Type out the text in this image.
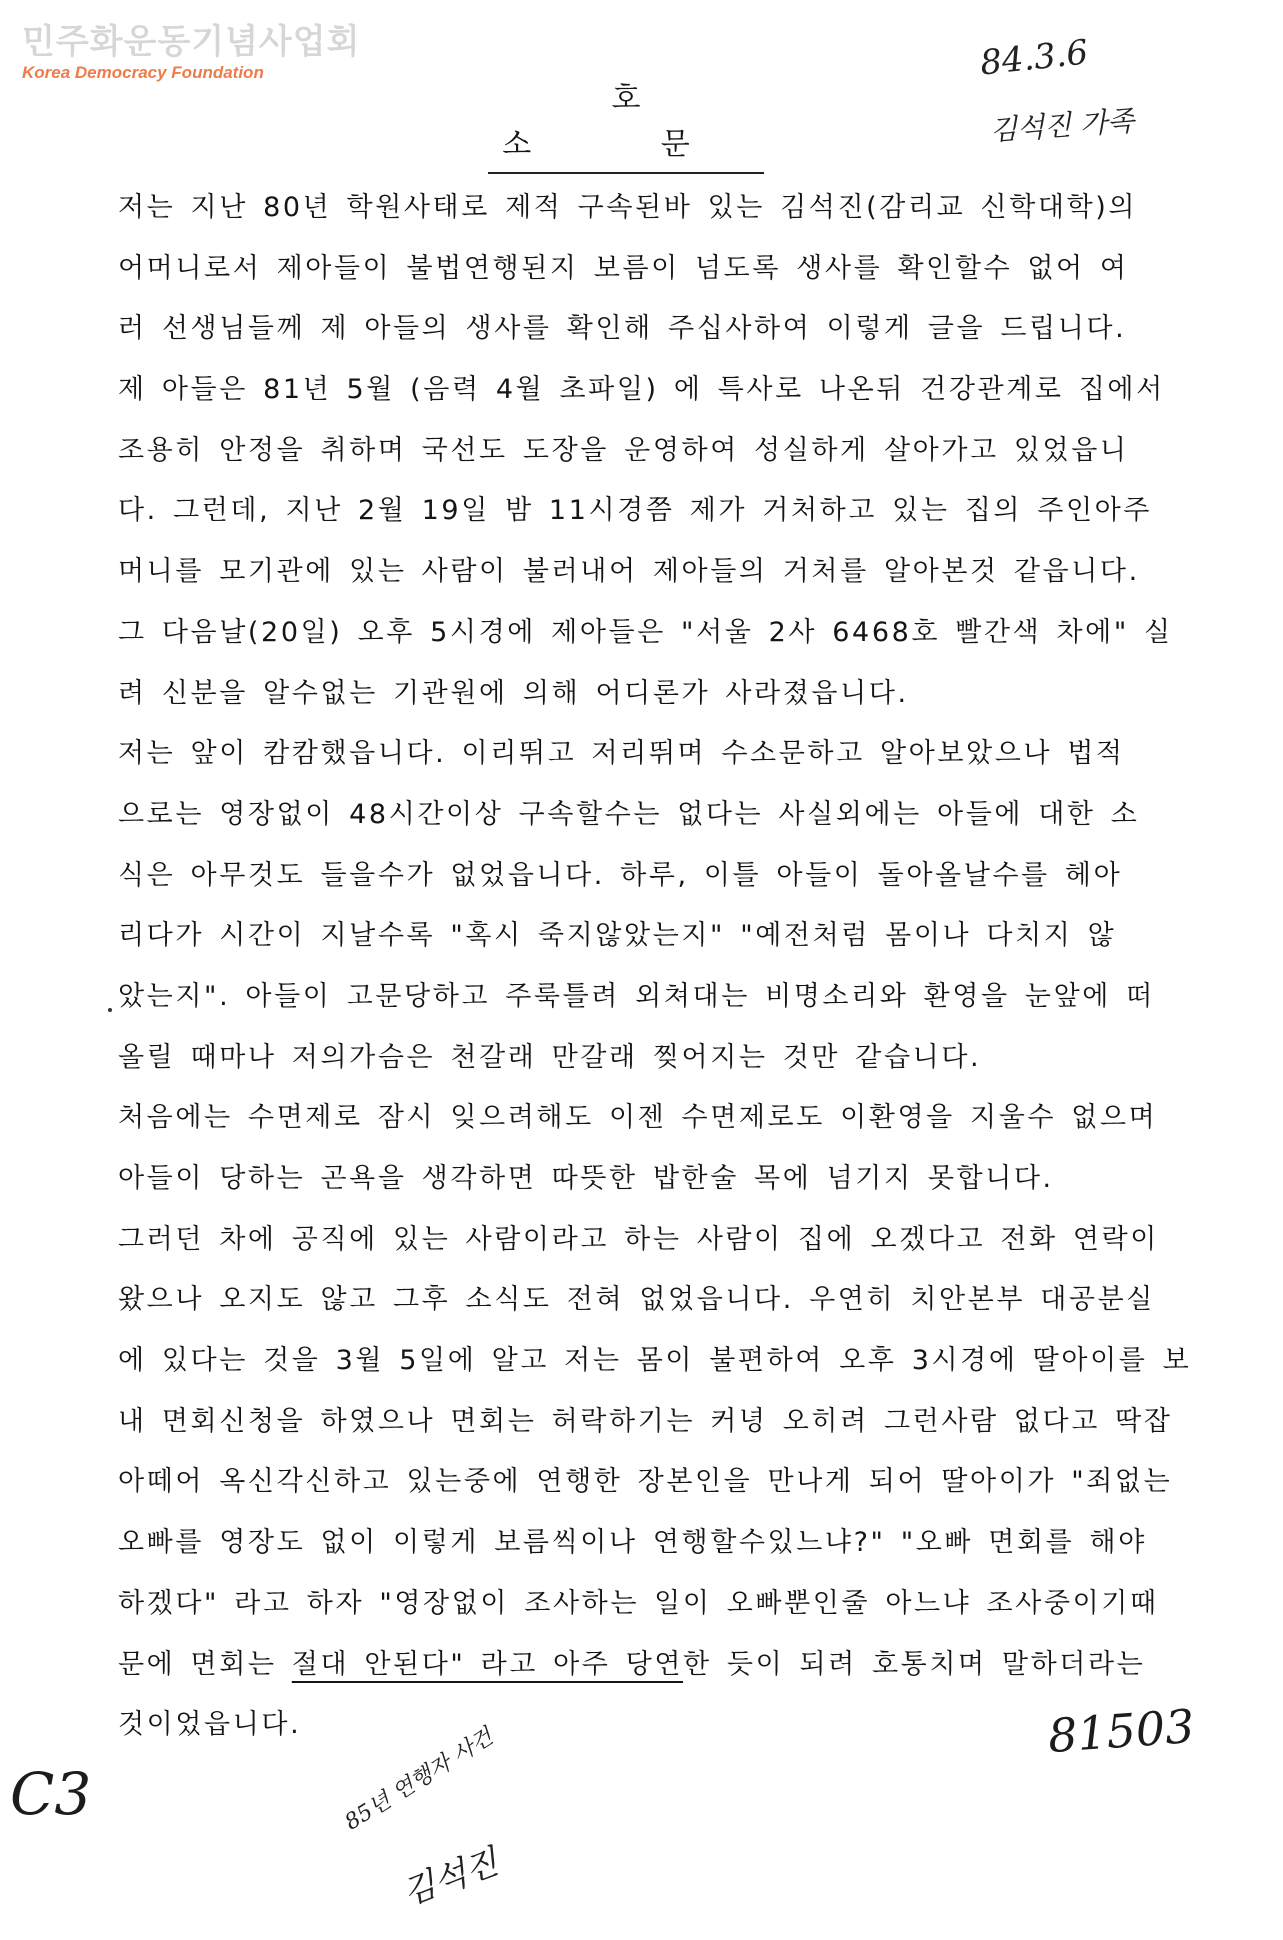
민주화운동기념사업회
Korea Democracy Foundation
호 소 문
84.3.6
김석진 가족
저는 지난 80년 학원사태로 제적 구속된바 있는 김석진(감리교 신학대학)의
어머니로서 제아들이 불법연행된지 보름이 넘도록 생사를 확인할수 없어 여
러 선생님들께 제 아들의 생사를 확인해 주십사하여 이렇게 글을 드립니다.
제 아들은 81년 5월 (음력 4월 초파일) 에 특사로 나온뒤 건강관계로 집에서
조용히 안정을 취하며 국선도 도장을 운영하여 성실하게 살아가고 있었읍니
다. 그런데, 지난 2월 19일 밤 11시경쯤 제가 거처하고 있는 집의 주인아주
머니를 모기관에 있는 사람이 불러내어 제아들의 거처를 알아본것 같읍니다.
그 다음날(20일) 오후 5시경에 제아들은 "서울 2사 6468호 빨간색 차에" 실
려 신분을 알수없는 기관원에 의해 어디론가 사라졌읍니다.
저는 앞이 캄캄했읍니다. 이리뛰고 저리뛰며 수소문하고 알아보았으나 법적
으로는 영장없이 48시간이상 구속할수는 없다는 사실외에는 아들에 대한 소
식은 아무것도 들을수가 없었읍니다. 하루, 이틀 아들이 돌아올날수를 헤아
리다가 시간이 지날수록 "혹시 죽지않았는지" "예전처럼 몸이나 다치지 않
았는지". 아들이 고문당하고 주룩틀려 외쳐대는 비명소리와 환영을 눈앞에 떠
올릴 때마나 저의가슴은 천갈래 만갈래 찢어지는 것만 같습니다.
처음에는 수면제로 잠시 잊으려해도 이젠 수면제로도 이환영을 지울수 없으며
아들이 당하는 곤욕을 생각하면 따뜻한 밥한술 목에 넘기지 못합니다.
그러던 차에 공직에 있는 사람이라고 하는 사람이 집에 오겠다고 전화 연락이
왔으나 오지도 않고 그후 소식도 전혀 없었읍니다. 우연히 치안본부 대공분실
에 있다는 것을 3월 5일에 알고 저는 몸이 불편하여 오후 3시경에 딸아이를 보
내 면회신청을 하였으나 면회는 허락하기는 커녕 오히려 그런사람 없다고 딱잡
아떼어 옥신각신하고 있는중에 연행한 장본인을 만나게 되어 딸아이가 "죄없는
오빠를 영장도 없이 이렇게 보름씩이나 연행할수있느냐?" "오빠 면회를 해야
하겠다" 라고 하자 "영장없이 조사하는 일이 오빠뿐인줄 아느냐 조사중이기때
문에 면회는 절대 안된다" 라고 아주 당연한 듯이 되려 호통치며 말하더라는
것이었읍니다.	81503
C3	85년 연행자 사건
김석진
